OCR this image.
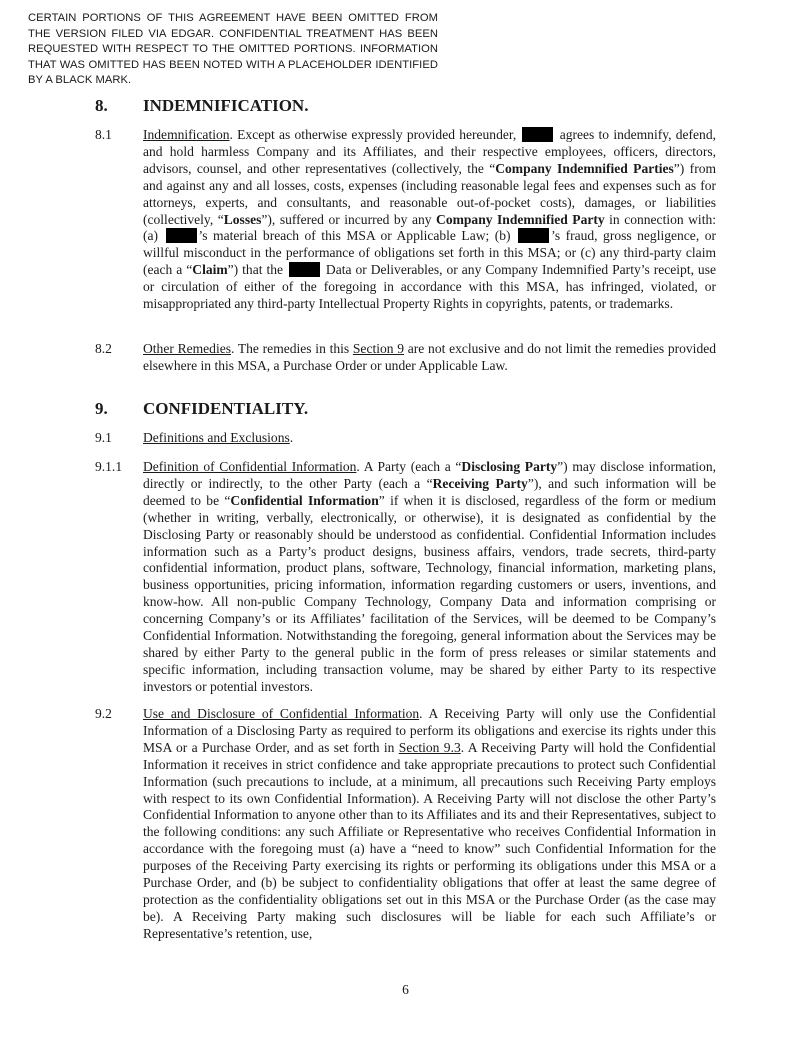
CERTAIN PORTIONS OF THIS AGREEMENT HAVE BEEN OMITTED FROM THE VERSION FILED VIA EDGAR. CONFIDENTIAL TREATMENT HAS BEEN REQUESTED WITH RESPECT TO THE OMITTED PORTIONS. INFORMATION THAT WAS OMITTED HAS BEEN NOTED WITH A PLACEHOLDER IDENTIFIED BY A BLACK MARK.
8. INDEMNIFICATION.
8.1 Indemnification. Except as otherwise expressly provided hereunder,	agrees to indemnify, defend, and hold harmless Company and its Affiliates, and their respective employees, officers, directors, advisors, counsel, and other representatives (collectively, the “Company Indemnified Parties”) from and against any and all losses, costs, expenses (including reasonable legal fees and expenses such as for attorneys, experts, and consultants, and reasonable out-of-pocket costs), damages, or liabilities (collectively, “Losses”), suffered or incurred by any Company Indemnified Party in connection with: (a)	’s material breach of this MSA or Applicable Law; (b)	’s fraud, gross negligence, or willful misconduct in the performance of obligations set forth in this MSA; or (c) any third-party claim (each a “Claim”) that the	Data or Deliverables, or any Company Indemnified Party’s receipt, use or circulation of either of the foregoing in accordance with this MSA, has infringed, violated, or misappropriated any third-party Intellectual Property Rights in copyrights, patents, or trademarks.
8.2 Other Remedies. The remedies in this Section 9 are not exclusive and do not limit the remedies provided elsewhere in this MSA, a Purchase Order or under Applicable Law.
9. CONFIDENTIALITY.
9.1 Definitions and Exclusions.
9.1.1 Definition of Confidential Information. A Party (each a “Disclosing Party”) may disclose information, directly or indirectly, to the other Party (each a “Receiving Party”), and such information will be deemed to be “Confidential Information” if when it is disclosed, regardless of the form or medium (whether in writing, verbally, electronically, or otherwise), it is designated as confidential by the Disclosing Party or reasonably should be understood as confidential. Confidential Information includes information such as a Party’s product designs, business affairs, vendors, trade secrets, third-party confidential information, product plans, software, Technology, financial information, marketing plans, business opportunities, pricing information, information regarding customers or users, inventions, and know-how. All non-public Company Technology, Company Data and information comprising or concerning Company’s or its Affiliates’ facilitation of the Services, will be deemed to be Company’s Confidential Information. Notwithstanding the foregoing, general information about the Services may be shared by either Party to the general public in the form of press releases or similar statements and specific information, including transaction volume, may be shared by either Party to its respective investors or potential investors.
9.2 Use and Disclosure of Confidential Information. A Receiving Party will only use the Confidential Information of a Disclosing Party as required to perform its obligations and exercise its rights under this MSA or a Purchase Order, and as set forth in Section 9.3. A Receiving Party will hold the Confidential Information it receives in strict confidence and take appropriate precautions to protect such Confidential Information (such precautions to include, at a minimum, all precautions such Receiving Party employs with respect to its own Confidential Information). A Receiving Party will not disclose the other Party’s Confidential Information to anyone other than to its Affiliates and its and their Representatives, subject to the following conditions: any such Affiliate or Representative who receives Confidential Information in accordance with the foregoing must (a) have a “need to know” such Confidential Information for the purposes of the Receiving Party exercising its rights or performing its obligations under this MSA or a Purchase Order, and (b) be subject to confidentiality obligations that offer at least the same degree of protection as the confidentiality obligations set out in this MSA or the Purchase Order (as the case may be). A Receiving Party making such disclosures will be liable for each such Affiliate’s or Representative’s retention, use,
6
